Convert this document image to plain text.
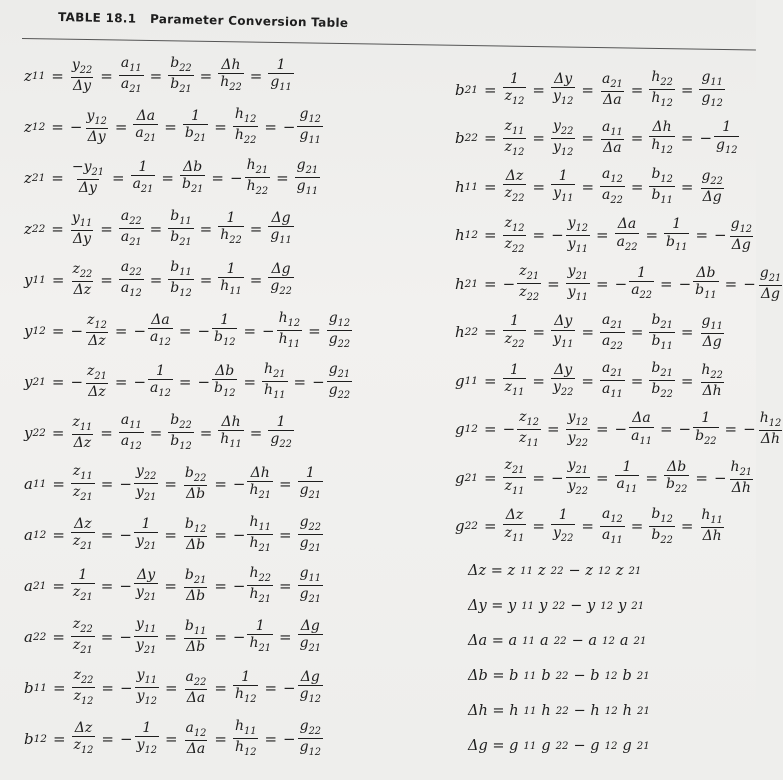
TABLE 18.1 Parameter Conversion Table
z $11 = \frac{y_{22}}{\Delta y} = \frac{a_{11}}{a_{21}} = \frac{b_{22}}{b_{21}} = \frac{\Delta h}{h_{22}} = \frac{1}{g_{11}}$
z 12 = − $\frac{y_{12}}{\Delta y} = \frac{\Delta a}{a_{21}} = \frac{1}{b_{21}} = \frac{h_{12}}{h_{22}}$ = − $\frac{g_{12}}{g_{11}}$
z $21 = \frac{-y_{21}}{\Delta y} = \frac{1}{a_{21}} = \frac{\Delta b}{b_{21}}$ = − $\frac{h_{21}}{h_{22}} = \frac{g_{21}}{g_{11}}$
z $22 = \frac{y_{11}}{\Delta y} = \frac{a_{22}}{a_{21}} = \frac{b_{11}}{b_{21}} = \frac{1}{h_{22}} = \frac{\Delta g}{g_{11}}$
y $11 = \frac{z_{22}}{\Delta z} = \frac{a_{22}}{a_{12}} = \frac{b_{11}}{b_{12}} = \frac{1}{h_{11}} = \frac{\Delta g}{g_{22}}$
y 12 = − $\frac{z_{12}}{\Delta z}$ = − $\frac{\Delta a}{a_{12}}$ = − $\frac{1}{b_{12}}$ = − $\frac{h_{12}}{h_{11}} = \frac{g_{12}}{g_{22}}$
y 21 = − $\frac{z_{21}}{\Delta z}$ = − $\frac{1}{a_{12}}$ = − $\frac{\Delta b}{b_{12}} = \frac{h_{21}}{h_{11}}$ = − $\frac{g_{21}}{g_{22}}$
y $22 = \frac{z_{11}}{\Delta z} = \frac{a_{11}}{a_{12}} = \frac{b_{22}}{b_{12}} = \frac{\Delta h}{h_{11}} = \frac{1}{g_{22}}$
a $11 = \frac{z_{11}}{z_{21}}$ = − $\frac{y_{22}}{y_{21}} = \frac{b_{22}}{\Delta b}$ = − $\frac{\Delta h}{h_{21}} = \frac{1}{g_{21}}$
a $12 = \frac{\Delta z}{z_{21}}$ = − $\frac{1}{y_{21}} = \frac{b_{12}}{\Delta b}$ = − $\frac{h_{11}}{h_{21}} = \frac{g_{22}}{g_{21}}$
a $21 = \frac{1}{z_{21}}$ = − $\frac{\Delta y}{y_{21}} = \frac{b_{21}}{\Delta b}$ = − $\frac{h_{22}}{h_{21}} = \frac{g_{11}}{g_{21}}$
a $22 = \frac{z_{22}}{z_{21}}$ = − $\frac{y_{11}}{y_{21}} = \frac{b_{11}}{\Delta b}$ = − $\frac{1}{h_{21}} = \frac{\Delta g}{g_{21}}$
b $11 = \frac{z_{22}}{z_{12}}$ = − $\frac{y_{11}}{y_{12}} = \frac{a_{22}}{\Delta a} = \frac{1}{h_{12}}$ = − $\frac{\Delta g}{g_{12}}$
b $12 = \frac{\Delta z}{z_{12}}$ = − $\frac{1}{y_{12}} = \frac{a_{12}}{\Delta a} = \frac{h_{11}}{h_{12}}$ = − $\frac{g_{22}}{g_{12}}$
b $21 = \frac{1}{z_{12}} = \frac{\Delta y}{y_{12}} = \frac{a_{21}}{\Delta a} = \frac{h_{22}}{h_{12}} = \frac{g_{11}}{g_{12}}$
b $22 = \frac{z_{11}}{z_{12}} = \frac{y_{22}}{y_{12}} = \frac{a_{11}}{\Delta a} = \frac{\Delta h}{h_{12}}$ = − $\frac{1}{g_{12}}$
h $11 = \frac{\Delta z}{z_{22}} = \frac{1}{y_{11}} = \frac{a_{12}}{a_{22}} = \frac{b_{12}}{b_{11}} = \frac{g_{22}}{\Delta g}$
h $12 = \frac{z_{12}}{z_{22}}$ = − $\frac{y_{12}}{y_{11}} = \frac{\Delta a}{a_{22}} = \frac{1}{b_{11}}$ = − $\frac{g_{12}}{\Delta g}$
h 21 = − $\frac{z_{21}}{z_{22}} = \frac{y_{21}}{y_{11}}$ = − $\frac{1}{a_{22}}$ = − $\frac{\Delta b}{b_{11}}$ = − $\frac{g_{21}}{\Delta g}$
h $22 = \frac{1}{z_{22}} = \frac{\Delta y}{y_{11}} = \frac{a_{21}}{a_{22}} = \frac{b_{21}}{b_{11}} = \frac{g_{11}}{\Delta g}$
g $11 = \frac{1}{z_{11}} = \frac{\Delta y}{y_{22}} = \frac{a_{21}}{a_{11}} = \frac{b_{21}}{b_{22}} = \frac{h_{22}}{\Delta h}$
g 12 = − $\frac{z_{12}}{z_{11}} = \frac{y_{12}}{y_{22}}$ = − $\frac{\Delta a}{a_{11}}$ = − $\frac{1}{b_{22}}$ = − $\frac{h_{12}}{\Delta h}$
g $21 = \frac{z_{21}}{z_{11}}$ = − $\frac{y_{21}}{y_{22}} = \frac{1}{a_{11}} = \frac{\Delta b}{b_{22}}$ = − $\frac{h_{21}}{\Delta h}$
g $22 = \frac{\Delta z}{z_{11}} = \frac{1}{y_{22}} = \frac{a_{12}}{a_{11}} = \frac{b_{12}}{b_{22}} = \frac{h_{11}}{\Delta h}$
Δz = z 11 z 22 − z 12 z 21
Δy = y 11 y 22 − y 12 y 21
Δa = a 11 a 22 − a 12 a 21
Δb = b 11 b 22 − b 12 b 21
Δh = h 11 h 22 − h 12 h 21
Δg = g 11 g 22 − g 12 g 21
